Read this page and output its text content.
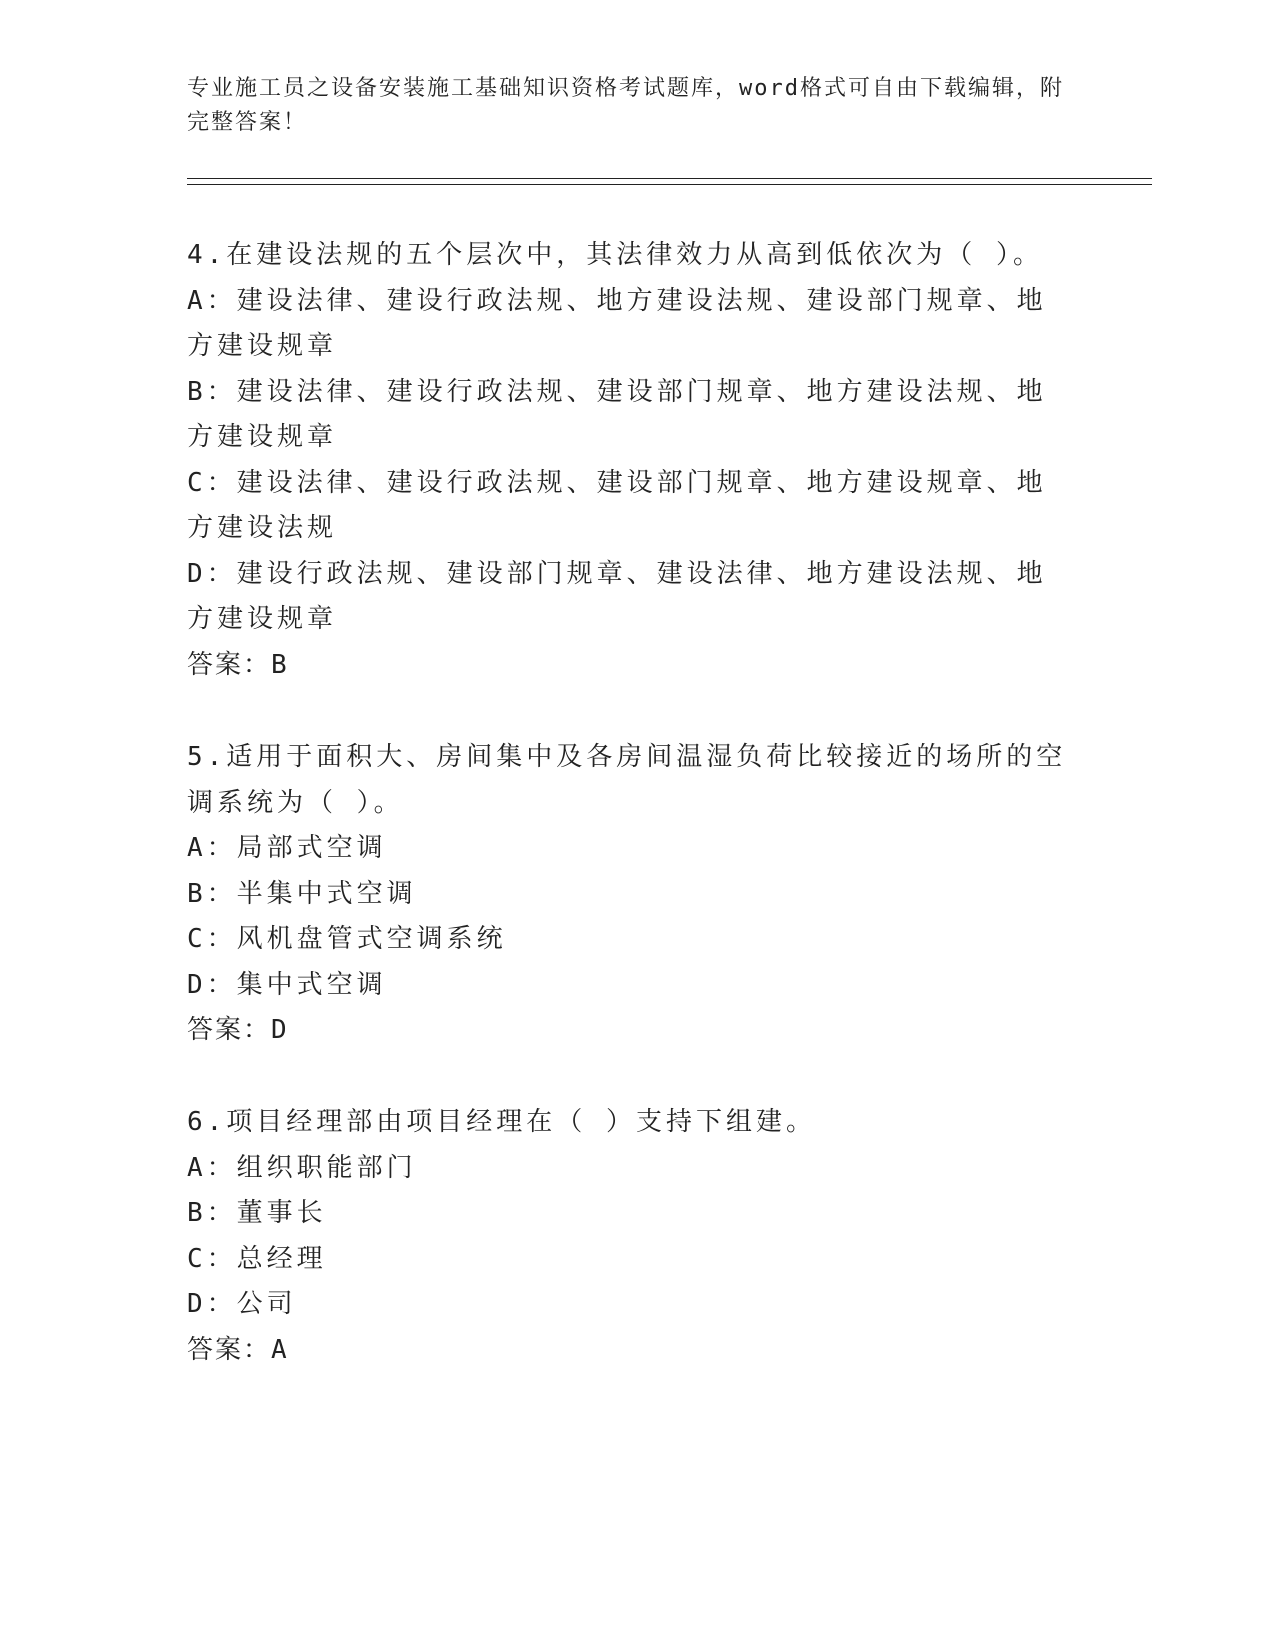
专业施工员之设备安装施工基础知识资格考试题库，word格式可自由下载编辑，附完整答案！
4.在建设法规的五个层次中，其法律效力从高到低依次为（ ）。
A：建设法律、建设行政法规、地方建设法规、建设部门规章、地方建设规章
B：建设法律、建设行政法规、建设部门规章、地方建设法规、地方建设规章
C：建设法律、建设行政法规、建设部门规章、地方建设规章、地方建设法规
D：建设行政法规、建设部门规章、建设法律、地方建设法规、地方建设规章
答案：B
5.适用于面积大、房间集中及各房间温湿负荷比较接近的场所的空调系统为（ ）。
A：局部式空调
B：半集中式空调
C：风机盘管式空调系统
D：集中式空调
答案：D
6.项目经理部由项目经理在（ ）支持下组建。
A：组织职能部门
B：董事长
C：总经理
D：公司
答案：A
